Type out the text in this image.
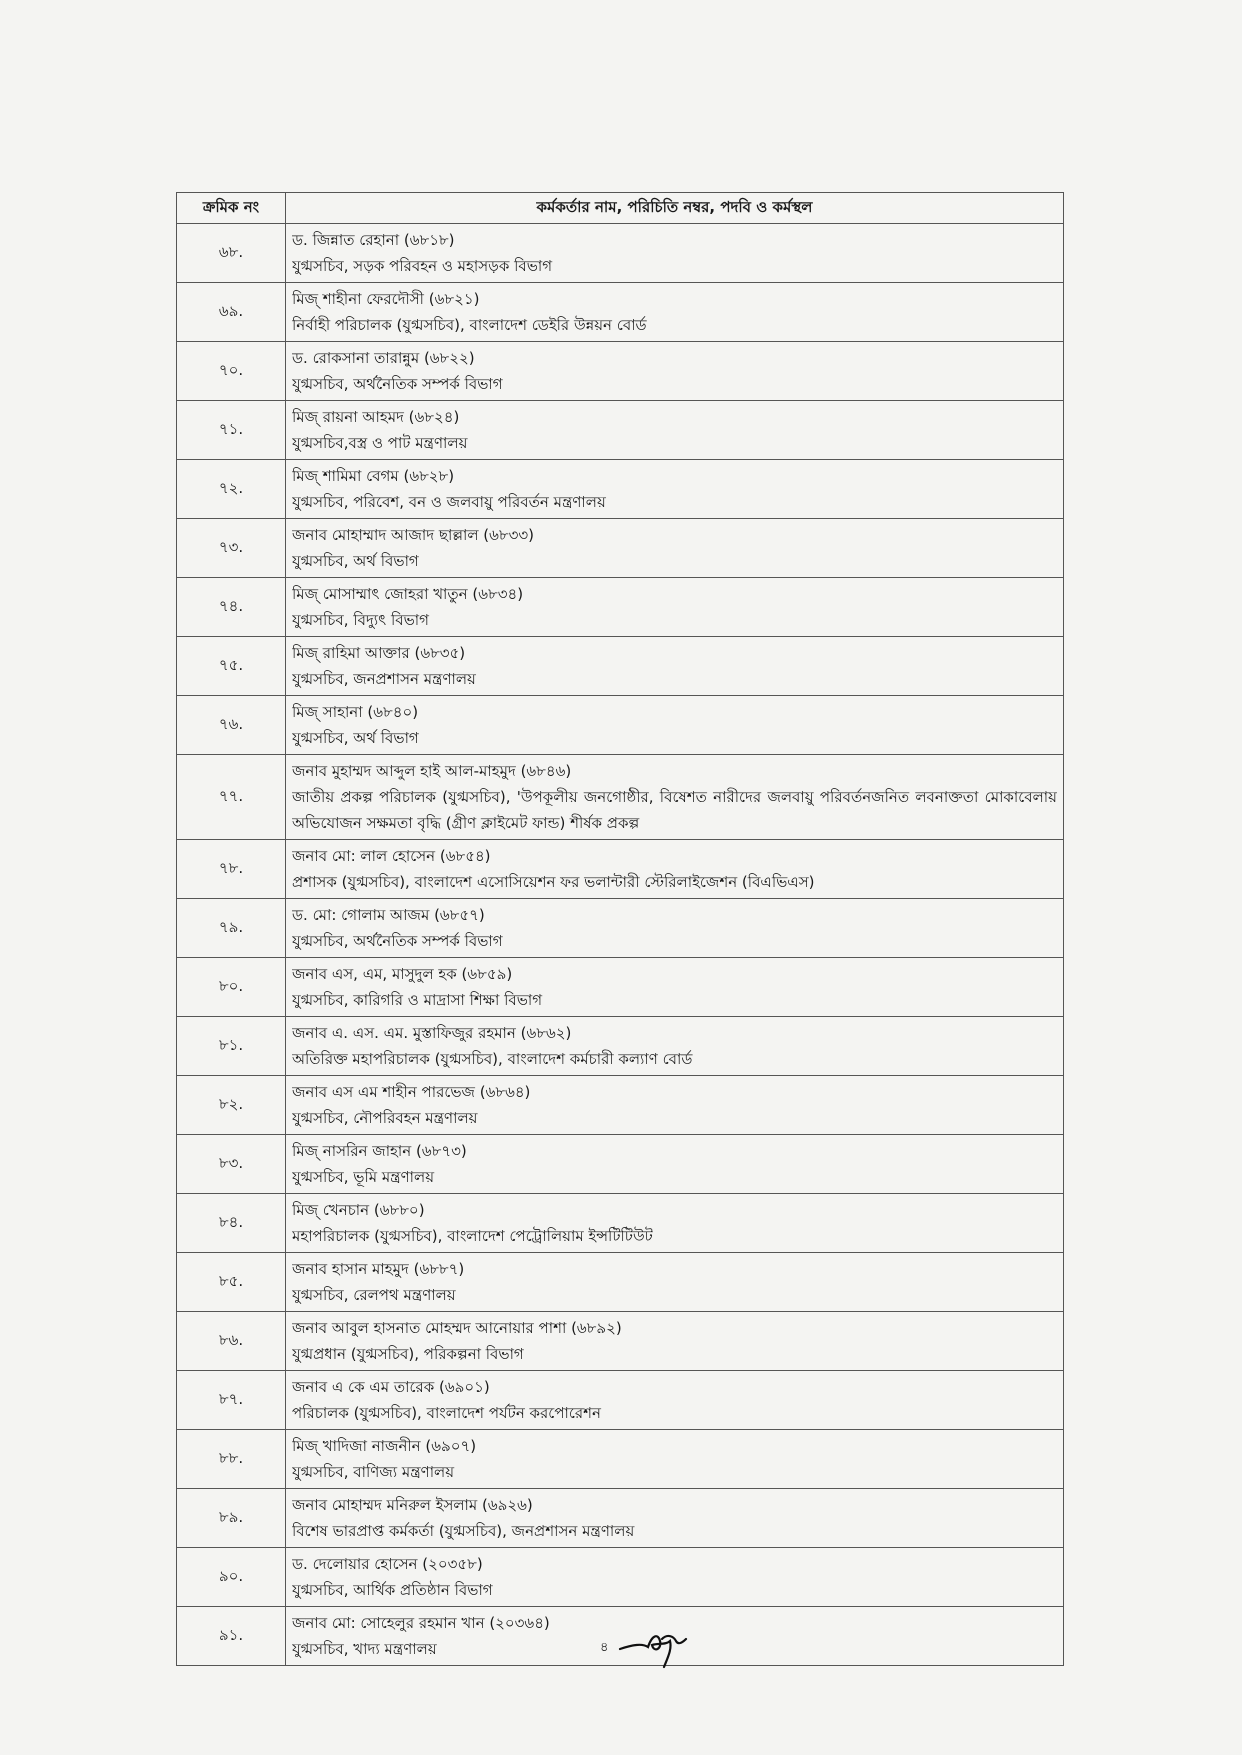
ক্রমিক নং	কর্মকর্তার নাম, পরিচিতি নম্বর, পদবি ও কর্মস্থল
৬৮.	ড. জিন্নাত রেহানা (৬৮১৮)
যুগ্মসচিব, সড়ক পরিবহন ও মহাসড়ক বিভাগ

৬৯.	মিজ্ শাহীনা ফেরদৌসী (৬৮২১)
নির্বাহী পরিচালক (যুগ্মসচিব), বাংলাদেশ ডেইরি উন্নয়ন বোর্ড

৭০.	ড. রোকসানা তারান্নুম (৬৮২২)
যুগ্মসচিব, অর্থনৈতিক সম্পর্ক বিভাগ

৭১.	মিজ্ রায়না আহমদ (৬৮২৪)
যুগ্মসচিব,বস্ত্র ও পাট মন্ত্রণালয়

৭২.	মিজ্ শামিমা বেগম (৬৮২৮)
যুগ্মসচিব, পরিবেশ, বন ও জলবায়ু পরিবর্তন মন্ত্রণালয়

৭৩.	জনাব মোহাম্মাদ আজাদ ছাল্লাল (৬৮৩৩)
যুগ্মসচিব, অর্থ বিভাগ

৭৪.	মিজ্ মোসাম্মাৎ জোহরা খাতুন (৬৮৩৪)
যুগ্মসচিব, বিদ্যুৎ বিভাগ

৭৫.	মিজ্ রাহিমা আক্তার (৬৮৩৫)
যুগ্মসচিব, জনপ্রশাসন মন্ত্রণালয়

৭৬.	মিজ্ সাহানা (৬৮৪০)
যুগ্মসচিব, অর্থ বিভাগ

৭৭.	জনাব মুহাম্মদ আব্দুল হাই আল-মাহমুদ (৬৮৪৬)
জাতীয় প্রকল্প পরিচালক (যুগ্মসচিব), 'উপকূলীয় জনগোষ্ঠীর, বিষেশত নারীদের জলবায়ু পরিবর্তনজনিত লবনাক্ততা মোকাবেলায় অভিযোজন সক্ষমতা বৃদ্ধি (গ্রীণ ক্লাইমেট ফান্ড) শীর্ষক প্রকল্প

৭৮.	জনাব মো: লাল হোসেন (৬৮৫৪)
প্রশাসক (যুগ্মসচিব), বাংলাদেশ এসোসিয়েশন ফর ভলান্টারী স্টেরিলাইজেশন (বিএভিএস)

৭৯.	ড. মো: গোলাম আজম (৬৮৫৭)
যুগ্মসচিব, অর্থনৈতিক সম্পর্ক বিভাগ

৮০.	জনাব এস, এম, মাসুদুল হক (৬৮৫৯)
যুগ্মসচিব, কারিগরি ও মাদ্রাসা শিক্ষা বিভাগ

৮১.	জনাব এ. এস. এম. মুস্তাফিজুর রহমান (৬৮৬২)
অতিরিক্ত মহাপরিচালক (যুগ্মসচিব), বাংলাদেশ কর্মচারী কল্যাণ বোর্ড

৮২.	জনাব এস এম শাহীন পারভেজ (৬৮৬৪)
যুগ্মসচিব, নৌপরিবহন মন্ত্রণালয়

৮৩.	মিজ্ নাসরিন জাহান (৬৮৭৩)
যুগ্মসচিব, ভূমি মন্ত্রণালয়

৮৪.	মিজ্ খেনচান (৬৮৮০)
মহাপরিচালক (যুগ্মসচিব), বাংলাদেশ পেট্রোলিয়াম ইন্সটিটিউট

৮৫.	জনাব হাসান মাহমুদ (৬৮৮৭)
যুগ্মসচিব, রেলপথ মন্ত্রণালয়

৮৬.	জনাব আবুল হাসনাত মোহম্মদ আনোয়ার পাশা (৬৮৯২)
যুগ্মপ্রধান (যুগ্মসচিব), পরিকল্পনা বিভাগ

৮৭.	জনাব এ কে এম তারেক (৬৯০১)
পরিচালক (যুগ্মসচিব), বাংলাদেশ পর্যটন করপোরেশন

৮৮.	মিজ্ খাদিজা নাজনীন (৬৯০৭)
যুগ্মসচিব, বাণিজ্য মন্ত্রণালয়

৮৯.	জনাব মোহাম্মদ মনিরুল ইসলাম (৬৯২৬)
বিশেষ ভারপ্রাপ্ত কর্মকর্তা (যুগ্মসচিব), জনপ্রশাসন মন্ত্রণালয়

৯০.	ড. দেলোয়ার হোসেন (২০৩৫৮)
যুগ্মসচিব, আর্থিক প্রতিষ্ঠান বিভাগ

৯১.	জনাব মো: সোহেলুর রহমান খান (২০৩৬৪)
যুগ্মসচিব, খাদ্য মন্ত্রণালয়	৪
